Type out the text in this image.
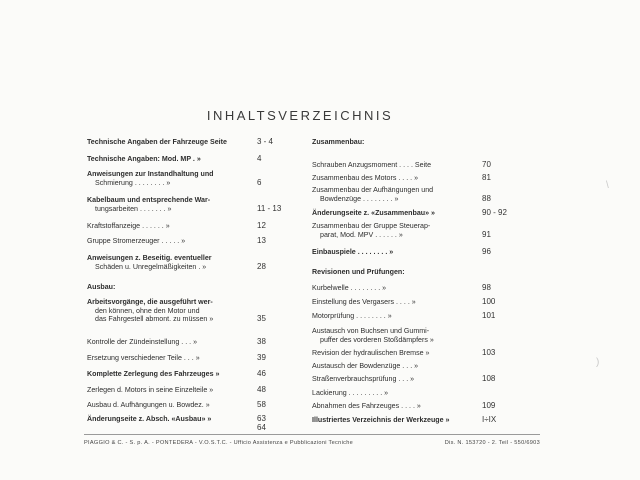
INHALTSVERZEICHNIS
Technische Angaben der Fahrzeuge Seite	3 - 4
Technische Angaben: Mod. MP . »	4
Anweisungen zur Instandhaltung und
Schmierung . . . . . . . . »	6
Kabelbaum und entsprechende War-
tungsarbeiten . . . . . . . »	11 - 13
Kraftstoffanzeige . . . . . . »	12
Gruppe Stromerzeuger . . . . . »	13
Anweisungen z. Beseitig. eventueller
Schäden u. Unregelmäßigkeiten . »	28
Ausbau:
Arbeitsvorgänge, die ausgeführt wer-
den können, ohne den Motor und
das Fahrgestell abmont. zu müssen »	35
Kontrolle der Zündeinstellung . . . »	38
Ersetzung verschiedener Teile . . . »	39
Komplette Zerlegung des Fahrzeuges »	46
Zerlegen d. Motors in seine Einzelteile »	48
Ausbau d. Aufhängungen u. Bowdez. »	58
Änderungseite z. Absch. «Ausbau» »	63
64
Zusammenbau:
Schrauben Anzugsmoment . . . . Seite	70
Zusammenbau des Motors . . . . »	81
Zusammenbau der Aufhängungen und
Bowdenzüge . . . . . . . . »	88
Änderungseite z. «Zusammenbau» »	90 - 92
Zusammenbau der Gruppe Steuerap-
parat, Mod. MPV . . . . . . »	91
Einbauspiele . . . . . . . . »	96
Revisionen und Prüfungen:
Kurbelwelle . . . . . . . . »	98
Einstellung des Vergasers . . . . »	100
Motorprüfung . . . . . . . . »	101
Austausch von Buchsen und Gummi-
puffer des vorderen Stoßdämpfers »
Revision der hydraulischen Bremse »	103
Austausch der Bowdenzüge . . . »
Straßenverbrauchsprüfung . . . »	108
Lackierung . . . . . . . . . »
Abnahmen des Fahrzeuges . . . . »	109
Illustriertes Verzeichnis der Werkzeuge »	I÷IX
PIAGGIO & C. - S. p. A. - PONTEDERA - V.O.S.T.C. - Ufficio Assistenza e Pubblicazioni Tecniche	Dis. N. 153720 - 2. Teil - 550/6903
\
)
